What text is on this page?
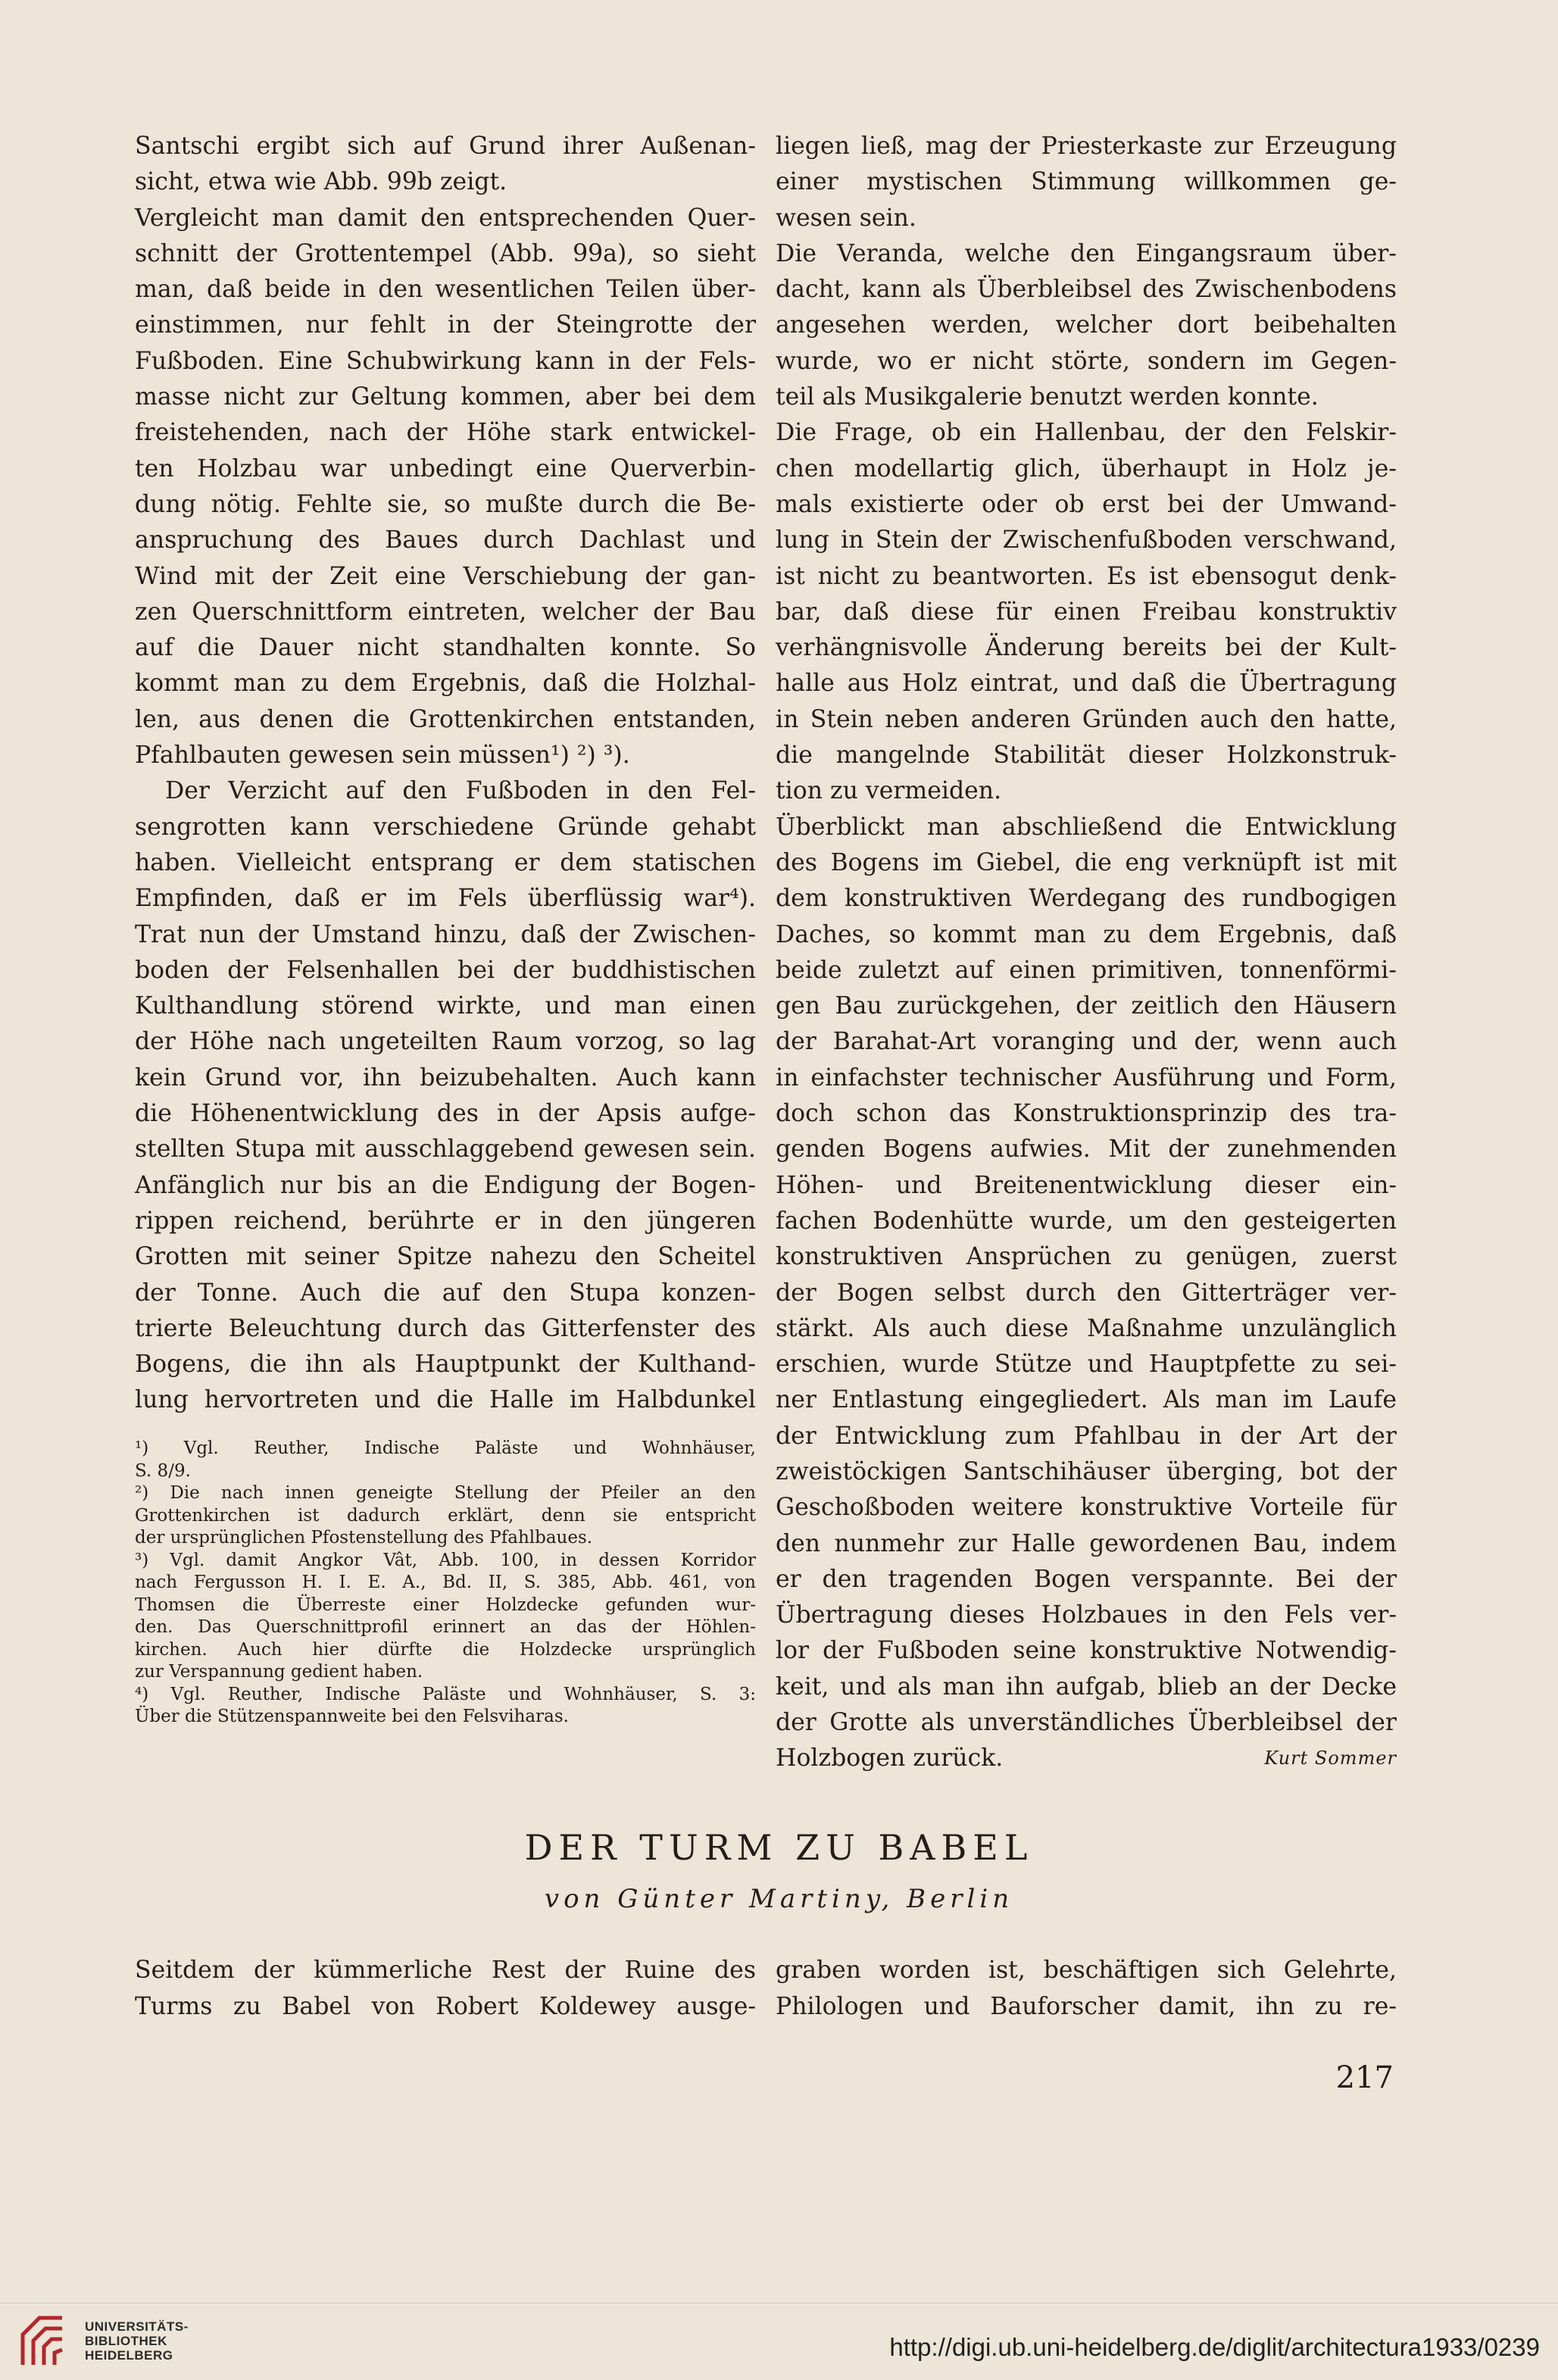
Santschi ergibt sich auf Grund ihrer Außenan-

sicht, etwa wie Abb. 99b zeigt.

Vergleicht man damit den entsprechenden Quer-

schnitt der Grottentempel (Abb. 99a), so sieht

man, daß beide in den wesentlichen Teilen über-

einstimmen, nur fehlt in der Steingrotte der

Fußboden. Eine Schubwirkung kann in der Fels-

masse nicht zur Geltung kommen, aber bei dem

freistehenden, nach der Höhe stark entwickel-

ten Holzbau war unbedingt eine Querverbin-

dung nötig. Fehlte sie, so mußte durch die Be-

anspruchung des Baues durch Dachlast und

Wind mit der Zeit eine Verschiebung der gan-

zen Querschnittform eintreten, welcher der Bau

auf die Dauer nicht standhalten konnte. So

kommt man zu dem Ergebnis, daß die Holzhal-

len, aus denen die Grottenkirchen entstanden,

Pfahlbauten gewesen sein müssen¹) ²) ³).

Der Verzicht auf den Fußboden in den Fel-

sengrotten kann verschiedene Gründe gehabt

haben. Vielleicht entsprang er dem statischen

Empfinden, daß er im Fels überflüssig war⁴).

Trat nun der Umstand hinzu, daß der Zwischen-

boden der Felsenhallen bei der buddhistischen

Kulthandlung störend wirkte, und man einen

der Höhe nach ungeteilten Raum vorzog, so lag

kein Grund vor, ihn beizubehalten. Auch kann

die Höhenentwicklung des in der Apsis aufge-

stellten Stupa mit ausschlaggebend gewesen sein.

Anfänglich nur bis an die Endigung der Bogen-

rippen reichend, berührte er in den jüngeren

Grotten mit seiner Spitze nahezu den Scheitel

der Tonne. Auch die auf den Stupa konzen-

trierte Beleuchtung durch das Gitterfenster des

Bogens, die ihn als Hauptpunkt der Kulthand-

lung hervortreten und die Halle im Halbdunkel

¹) Vgl. Reuther, Indische Paläste und Wohnhäuser,

S. 8/9.

²) Die nach innen geneigte Stellung der Pfeiler an den

Grottenkirchen ist dadurch erklärt, denn sie entspricht

der ursprünglichen Pfostenstellung des Pfahlbaues.

³) Vgl. damit Angkor Vât, Abb. 100, in dessen Korridor

nach Fergusson H. I. E. A., Bd. II, S. 385, Abb. 461, von

Thomsen die Überreste einer Holzdecke gefunden wur-

den. Das Querschnittprofil erinnert an das der Höhlen-

kirchen. Auch hier dürfte die Holzdecke ursprünglich

zur Verspannung gedient haben.

⁴) Vgl. Reuther, Indische Paläste und Wohnhäuser, S. 3:

Über die Stützenspannweite bei den Felsviharas.

liegen ließ, mag der Priesterkaste zur Erzeugung

einer mystischen Stimmung willkommen ge-

wesen sein.

Die Veranda, welche den Eingangsraum über-

dacht, kann als Überbleibsel des Zwischenbodens

angesehen werden, welcher dort beibehalten

wurde, wo er nicht störte, sondern im Gegen-

teil als Musikgalerie benutzt werden konnte.

Die Frage, ob ein Hallenbau, der den Felskir-

chen modellartig glich, überhaupt in Holz je-

mals existierte oder ob erst bei der Umwand-

lung in Stein der Zwischenfußboden verschwand,

ist nicht zu beantworten. Es ist ebensogut denk-

bar, daß diese für einen Freibau konstruktiv

verhängnisvolle Änderung bereits bei der Kult-

halle aus Holz eintrat, und daß die Übertragung

in Stein neben anderen Gründen auch den hatte,

die mangelnde Stabilität dieser Holzkonstruk-

tion zu vermeiden.

Überblickt man abschließend die Entwicklung

des Bogens im Giebel, die eng verknüpft ist mit

dem konstruktiven Werdegang des rundbogigen

Daches, so kommt man zu dem Ergebnis, daß

beide zuletzt auf einen primitiven, tonnenförmi-

gen Bau zurückgehen, der zeitlich den Häusern

der Barahat-Art voranging und der, wenn auch

in einfachster technischer Ausführung und Form,

doch schon das Konstruktionsprinzip des tra-

genden Bogens aufwies. Mit der zunehmenden

Höhen- und Breitenentwicklung dieser ein-

fachen Bodenhütte wurde, um den gesteigerten

konstruktiven Ansprüchen zu genügen, zuerst

der Bogen selbst durch den Gitterträger ver-

stärkt. Als auch diese Maßnahme unzulänglich

erschien, wurde Stütze und Hauptpfette zu sei-

ner Entlastung eingegliedert. Als man im Laufe

der Entwicklung zum Pfahlbau in der Art der

zweistöckigen Santschihäuser überging, bot der

Geschoßboden weitere konstruktive Vorteile für

den nunmehr zur Halle gewordenen Bau, indem

er den tragenden Bogen verspannte. Bei der

Übertragung dieses Holzbaues in den Fels ver-

lor der Fußboden seine konstruktive Notwendig-

keit, und als man ihn aufgab, blieb an der Decke

der Grotte als unverständliches Überbleibsel der

Holzbogen zurück.	Kurt Sommer

DER TURM ZU BABEL
von Günter Martiny, Berlin

Seitdem der kümmerliche Rest der Ruine des

Turms zu Babel von Robert Koldewey ausge-

graben worden ist, beschäftigen sich Gelehrte,

Philologen und Bauforscher damit, ihn zu re-

217

UNIVERSITÄTS-

BIBLIOTHEK

HEIDELBERG	http://digi.ub.uni-heidelberg.de/diglit/architectura1933/0239
